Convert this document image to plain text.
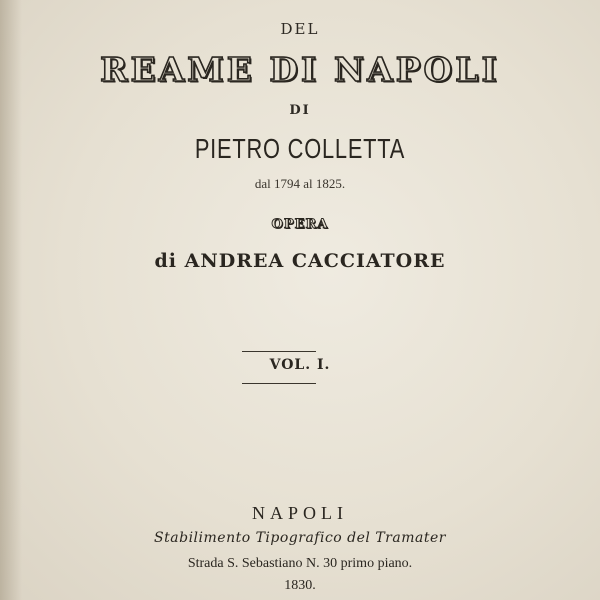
DEL
REAME DI NAPOLI
DI
PIETRO COLLETTA
dal 1794 al 1825.
OPERA
di ANDREA CACCIATORE
VOL. I.
NAPOLI
Stabilimento Tipografico del Tramater
Strada S. Sebastiano N. 30 primo piano.
1830.
